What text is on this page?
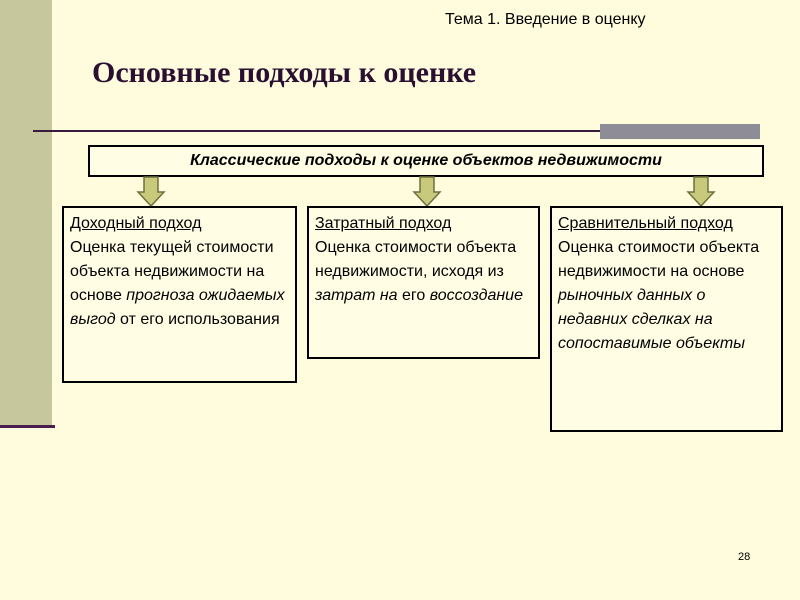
Тема 1. Введение в оценку
Основные подходы к оценке
Классические подходы к оценке объектов недвижимости
Доходный подход
Оценка текущей стоимости объекта недвижимости на основе прогноза ожидаемых выгод от его использования
Затратный подход
Оценка стоимости объекта недвижимости, исходя из затрат на его воссоздание
Сравнительный подход
Оценка стоимости объекта недвижимости на основе рыночных данных о недавних сделках на сопоставимые объекты
28
